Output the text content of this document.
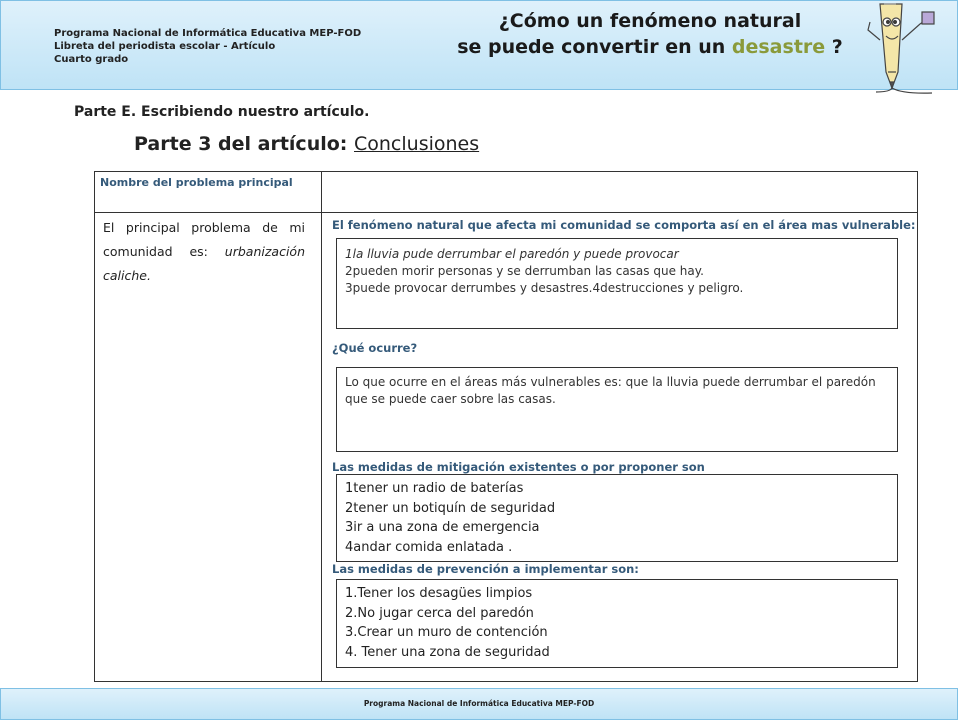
Programa Nacional de Informática Educativa MEP-FOD
Libreta del periodista escolar - Artículo
Cuarto grado
¿Cómo un fenómeno natural
se puede convertir en un desastre ?
Parte E. Escribiendo nuestro artículo.
Parte 3 del artículo: Conclusiones
Nombre del problema principal
El principal problema de mi comunidad es: urbanización caliche.
El fenómeno natural que afecta mi comunidad se comporta así en el área mas vulnerable:
1la lluvia pude derrumbar el paredón y puede provocar
2pueden morir personas y se derrumban las casas que hay.
3puede provocar derrumbes y desastres.4destrucciones y peligro.
¿Qué ocurre?
Lo que ocurre en el áreas más vulnerables es: que la lluvia puede derrumbar el paredón
que se puede caer sobre las casas.
Las medidas de mitigación existentes o por proponer son
1tener un radio de baterías
2tener un botiquín de seguridad
3ir a una zona de emergencia
4andar comida enlatada .
Las medidas de prevención a implementar son:
1.Tener los desagües limpios
2.No jugar cerca del paredón
3.Crear un muro de contención
4. Tener una zona de seguridad
Programa Nacional de Informática Educativa MEP-FOD
